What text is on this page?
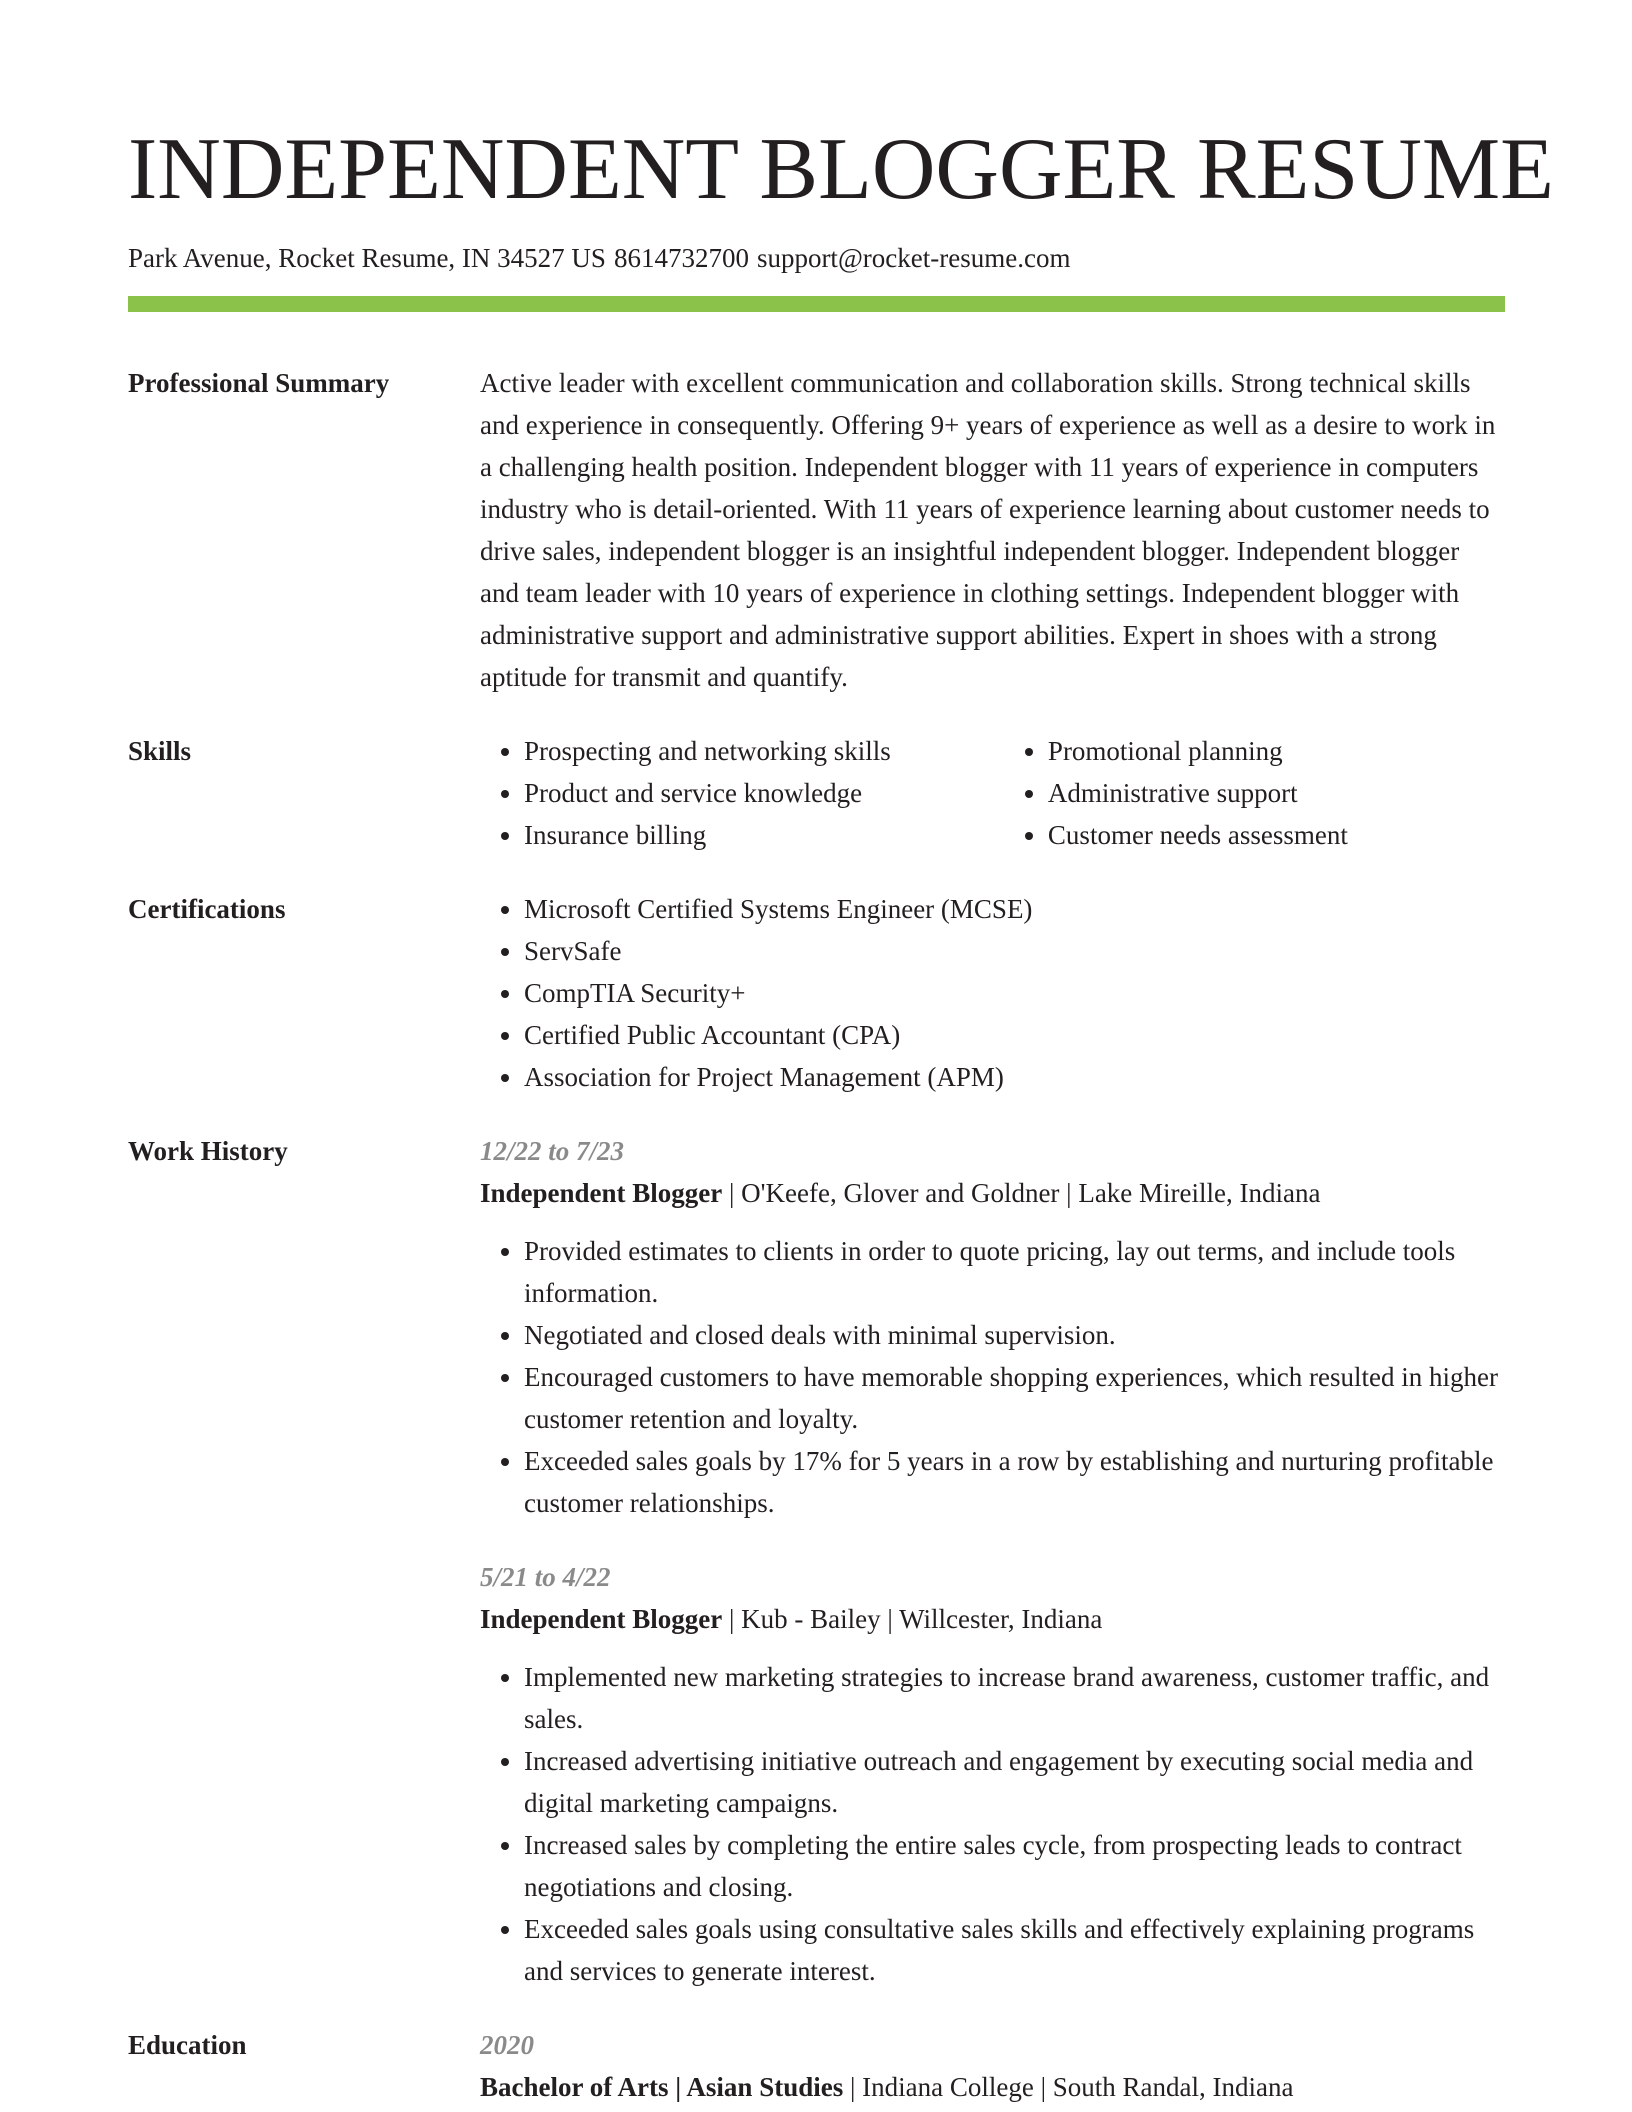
INDEPENDENT BLOGGER RESUME
Park Avenue, Rocket Resume, IN 34527 US 8614732700 support@rocket-resume.com
Professional Summary	Active leader with excellent communication and collaboration skills. Strong technical skills and experience in consequently. Offering 9+ years of experience as well as a desire to work in a challenging health position. Independent blogger with 11 years of experience in computers industry who is detail-oriented. With 11 years of experience learning about customer needs to drive sales, independent blogger is an insightful independent blogger. Independent blogger and team leader with 10 years of experience in clothing settings. Independent blogger with administrative support and administrative support abilities. Expert in shoes with a strong aptitude for transmit and quantify.
Skills	• Prospecting and networking skills
• Product and service knowledge
• Insurance billing
• Promotional planning
• Administrative support
• Customer needs assessment
Certifications	• Microsoft Certified Systems Engineer (MCSE)
• ServSafe
• CompTIA Security+
• Certified Public Accountant (CPA)
• Association for Project Management (APM)
Work History	12/22 to 7/23
Independent Blogger | O'Keefe, Glover and Goldner | Lake Mireille, Indiana
• Provided estimates to clients in order to quote pricing, lay out terms, and include tools information.
• Negotiated and closed deals with minimal supervision.
• Encouraged customers to have memorable shopping experiences, which resulted in higher customer retention and loyalty.
• Exceeded sales goals by 17% for 5 years in a row by establishing and nurturing profitable customer relationships.
5/21 to 4/22
Independent Blogger | Kub - Bailey | Willcester, Indiana
• Implemented new marketing strategies to increase brand awareness, customer traffic, and sales.
• Increased advertising initiative outreach and engagement by executing social media and digital marketing campaigns.
• Increased sales by completing the entire sales cycle, from prospecting leads to contract negotiations and closing.
• Exceeded sales goals using consultative sales skills and effectively explaining programs and services to generate interest.
Education	2020
Bachelor of Arts | Asian Studies | Indiana College | South Randal, Indiana
